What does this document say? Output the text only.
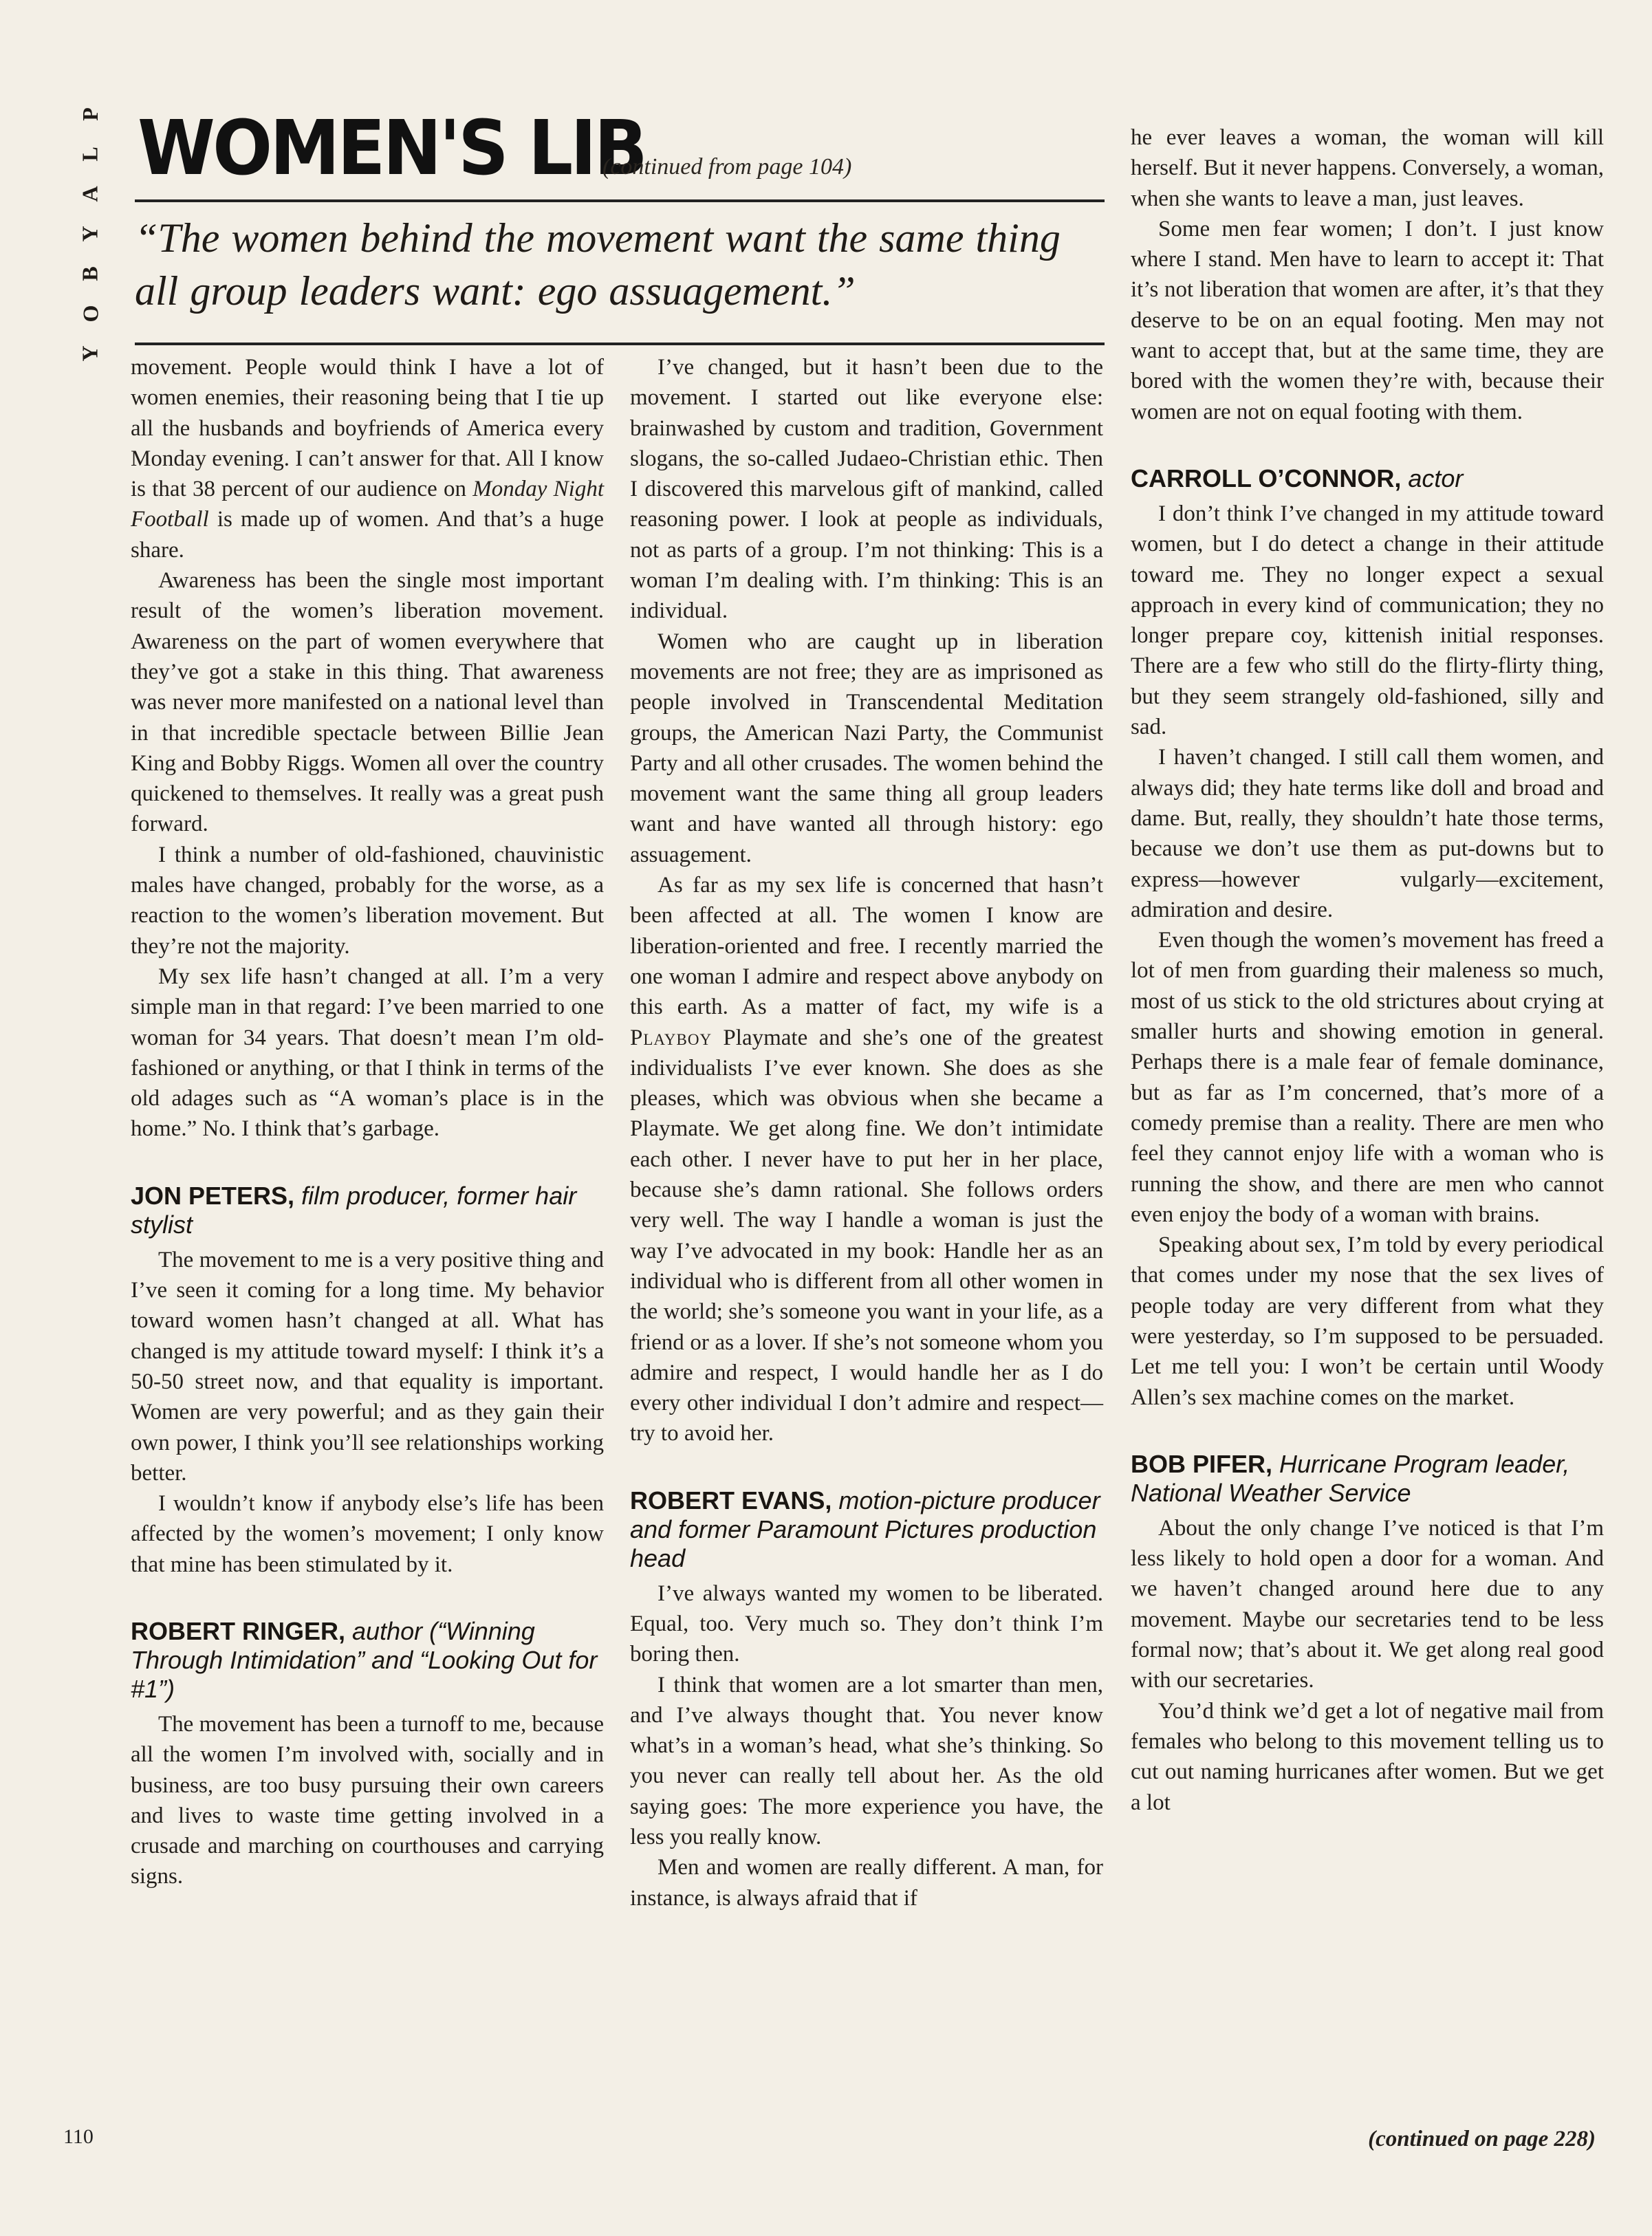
P
L
A
Y
B
O
Y
WOMEN'S LIB
(continued from page 104)
“The women behind the movement want the same thing all group leaders want: ego assuagement.”

movement. People would think I have a lot of women enemies, their reasoning being that I tie up all the husbands and boyfriends of America every Monday evening. I can’t answer for that. All I know is that 38 percent of our audience on Monday Night Football is made up of women. And that’s a huge share.

Awareness has been the single most important result of the women’s liberation movement. Awareness on the part of women everywhere that they’ve got a stake in this thing. That awareness was never more manifested on a national level than in that incredible spectacle between Billie Jean King and Bobby Riggs. Women all over the country quickened to themselves. It really was a great push forward.

I think a number of old-fashioned, chauvinistic males have changed, probably for the worse, as a reaction to the women’s liberation movement. But they’re not the majority.

My sex life hasn’t changed at all. I’m a very simple man in that regard: I’ve been married to one woman for 34 years. That doesn’t mean I’m old-fashioned or anything, or that I think in terms of the old adages such as “A woman’s place is in the home.” No. I think that’s garbage.

JON PETERS, film producer, former hair stylist

The movement to me is a very positive thing and I’ve seen it coming for a long time. My behavior toward women hasn’t changed at all. What has changed is my attitude toward myself: I think it’s a 50-50 street now, and that equality is important. Women are very powerful; and as they gain their own power, I think you’ll see relationships working better.

I wouldn’t know if anybody else’s life has been affected by the women’s movement; I only know that mine has been stimulated by it.

ROBERT RINGER, author (“Winning Through Intimidation” and “Looking Out for #1”)

The movement has been a turnoff to me, because all the women I’m involved with, socially and in business, are too busy pursuing their own careers and lives to waste time getting involved in a crusade and marching on courthouses and carrying signs.

I’ve changed, but it hasn’t been due to the movement. I started out like everyone else: brainwashed by custom and tradition, Government slogans, the so-called Judaeo-Christian ethic. Then I discovered this marvelous gift of mankind, called reasoning power. I look at people as individuals, not as parts of a group. I’m not thinking: This is a woman I’m dealing with. I’m thinking: This is an individual.

Women who are caught up in liberation movements are not free; they are as imprisoned as people involved in Transcendental Meditation groups, the American Nazi Party, the Communist Party and all other crusades. The women behind the movement want the same thing all group leaders want and have wanted all through history: ego assuagement.

As far as my sex life is concerned that hasn’t been affected at all. The women I know are liberation-oriented and free. I recently married the one woman I admire and respect above anybody on this earth. As a matter of fact, my wife is a Playboy Playmate and she’s one of the greatest individualists I’ve ever known. She does as she pleases, which was obvious when she became a Playmate. We get along fine. We don’t intimidate each other. I never have to put her in her place, because she’s damn rational. She follows orders very well. The way I handle a woman is just the way I’ve advocated in my book: Handle her as an individual who is different from all other women in the world; she’s someone you want in your life, as a friend or as a lover. If she’s not someone whom you admire and respect, I would handle her as I do every other individual I don’t admire and respect—try to avoid her.

ROBERT EVANS, motion-picture producer and former Paramount Pictures production head

I’ve always wanted my women to be liberated. Equal, too. Very much so. They don’t think I’m boring then.

I think that women are a lot smarter than men, and I’ve always thought that. You never know what’s in a woman’s head, what she’s thinking. So you never can really tell about her. As the old saying goes: The more experience you have, the less you really know.

Men and women are really different. A man, for instance, is always afraid that if

he ever leaves a woman, the woman will kill herself. But it never happens. Conversely, a woman, when she wants to leave a man, just leaves.

Some men fear women; I don’t. I just know where I stand. Men have to learn to accept it: That it’s not liberation that women are after, it’s that they deserve to be on an equal footing. Men may not want to accept that, but at the same time, they are bored with the women they’re with, because their women are not on equal footing with them.

CARROLL O’CONNOR, actor

I don’t think I’ve changed in my attitude toward women, but I do detect a change in their attitude toward me. They no longer expect a sexual approach in every kind of communication; they no longer prepare coy, kittenish initial responses. There are a few who still do the flirty-flirty thing, but they seem strangely old-fashioned, silly and sad.

I haven’t changed. I still call them women, and always did; they hate terms like doll and broad and dame. But, really, they shouldn’t hate those terms, because we don’t use them as put-downs but to express—however vulgarly—excitement, admiration and desire.

Even though the women’s movement has freed a lot of men from guarding their maleness so much, most of us stick to the old strictures about crying at smaller hurts and showing emotion in general. Perhaps there is a male fear of female dominance, but as far as I’m concerned, that’s more of a comedy premise than a reality. There are men who feel they cannot enjoy life with a woman who is running the show, and there are men who cannot even enjoy the body of a woman with brains.

Speaking about sex, I’m told by every periodical that comes under my nose that the sex lives of people today are very different from what they were yesterday, so I’m supposed to be persuaded. Let me tell you: I won’t be certain until Woody Allen’s sex machine comes on the market.

BOB PIFER, Hurricane Program leader, National Weather Service

About the only change I’ve noticed is that I’m less likely to hold open a door for a woman. And we haven’t changed around here due to any movement. Maybe our secretaries tend to be less formal now; that’s about it. We get along real good with our secretaries.

You’d think we’d get a lot of negative mail from females who belong to this movement telling us to cut out naming hurricanes after women. But we get a lot

110	(continued on page 228)
